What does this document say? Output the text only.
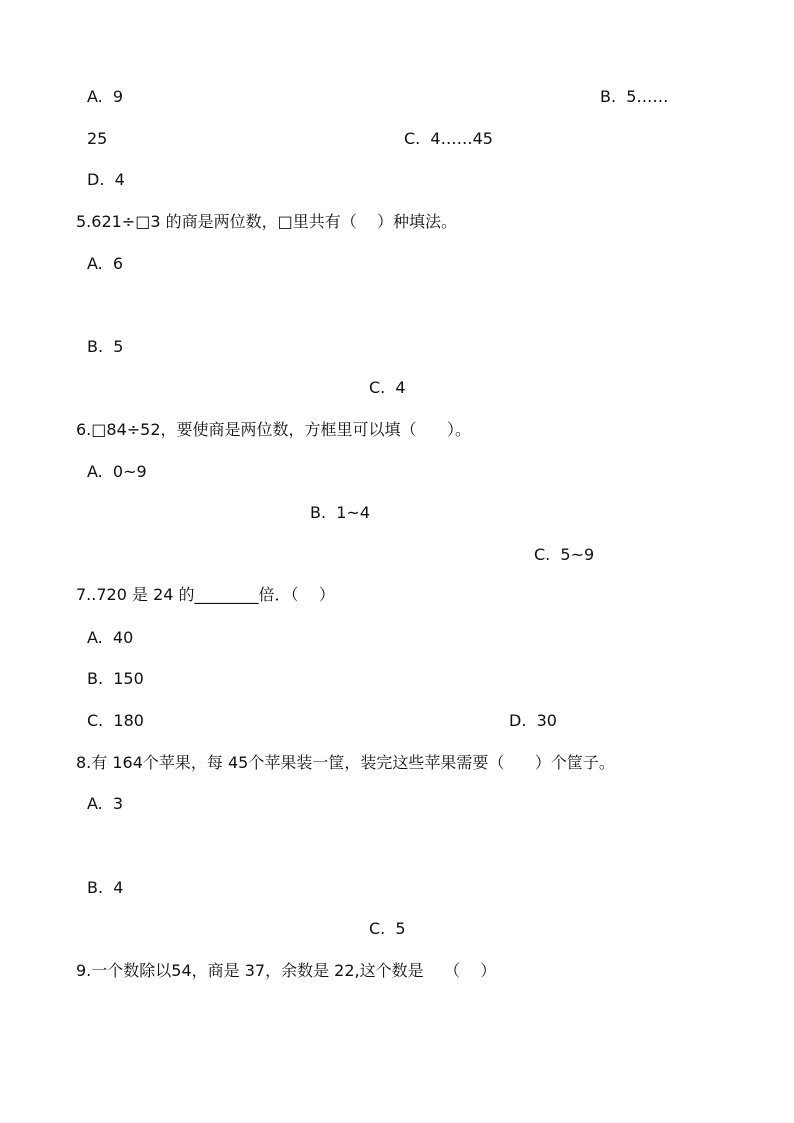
A.  9	B.  5……
25	C.  4……45
D.  4
5.621÷□3 的商是两位数，□里共有（    ）种填法。
A.  6
B.  5
C.  4
6.□84÷52，要使商是两位数，方框里可以填（      ）。
A.  0~9
B.  1~4
C.  5~9
7..720 是 24 的________倍．（    ）
A.  40
B.  150
C.  180	D.  30
8.有 164个苹果，每 45个苹果装一筐，装完这些苹果需要（      ）个筐子。
A.  3
B.  4
C.  5
9.一个数除以54，商是 37，余数是 22,这个数是    （    ）
